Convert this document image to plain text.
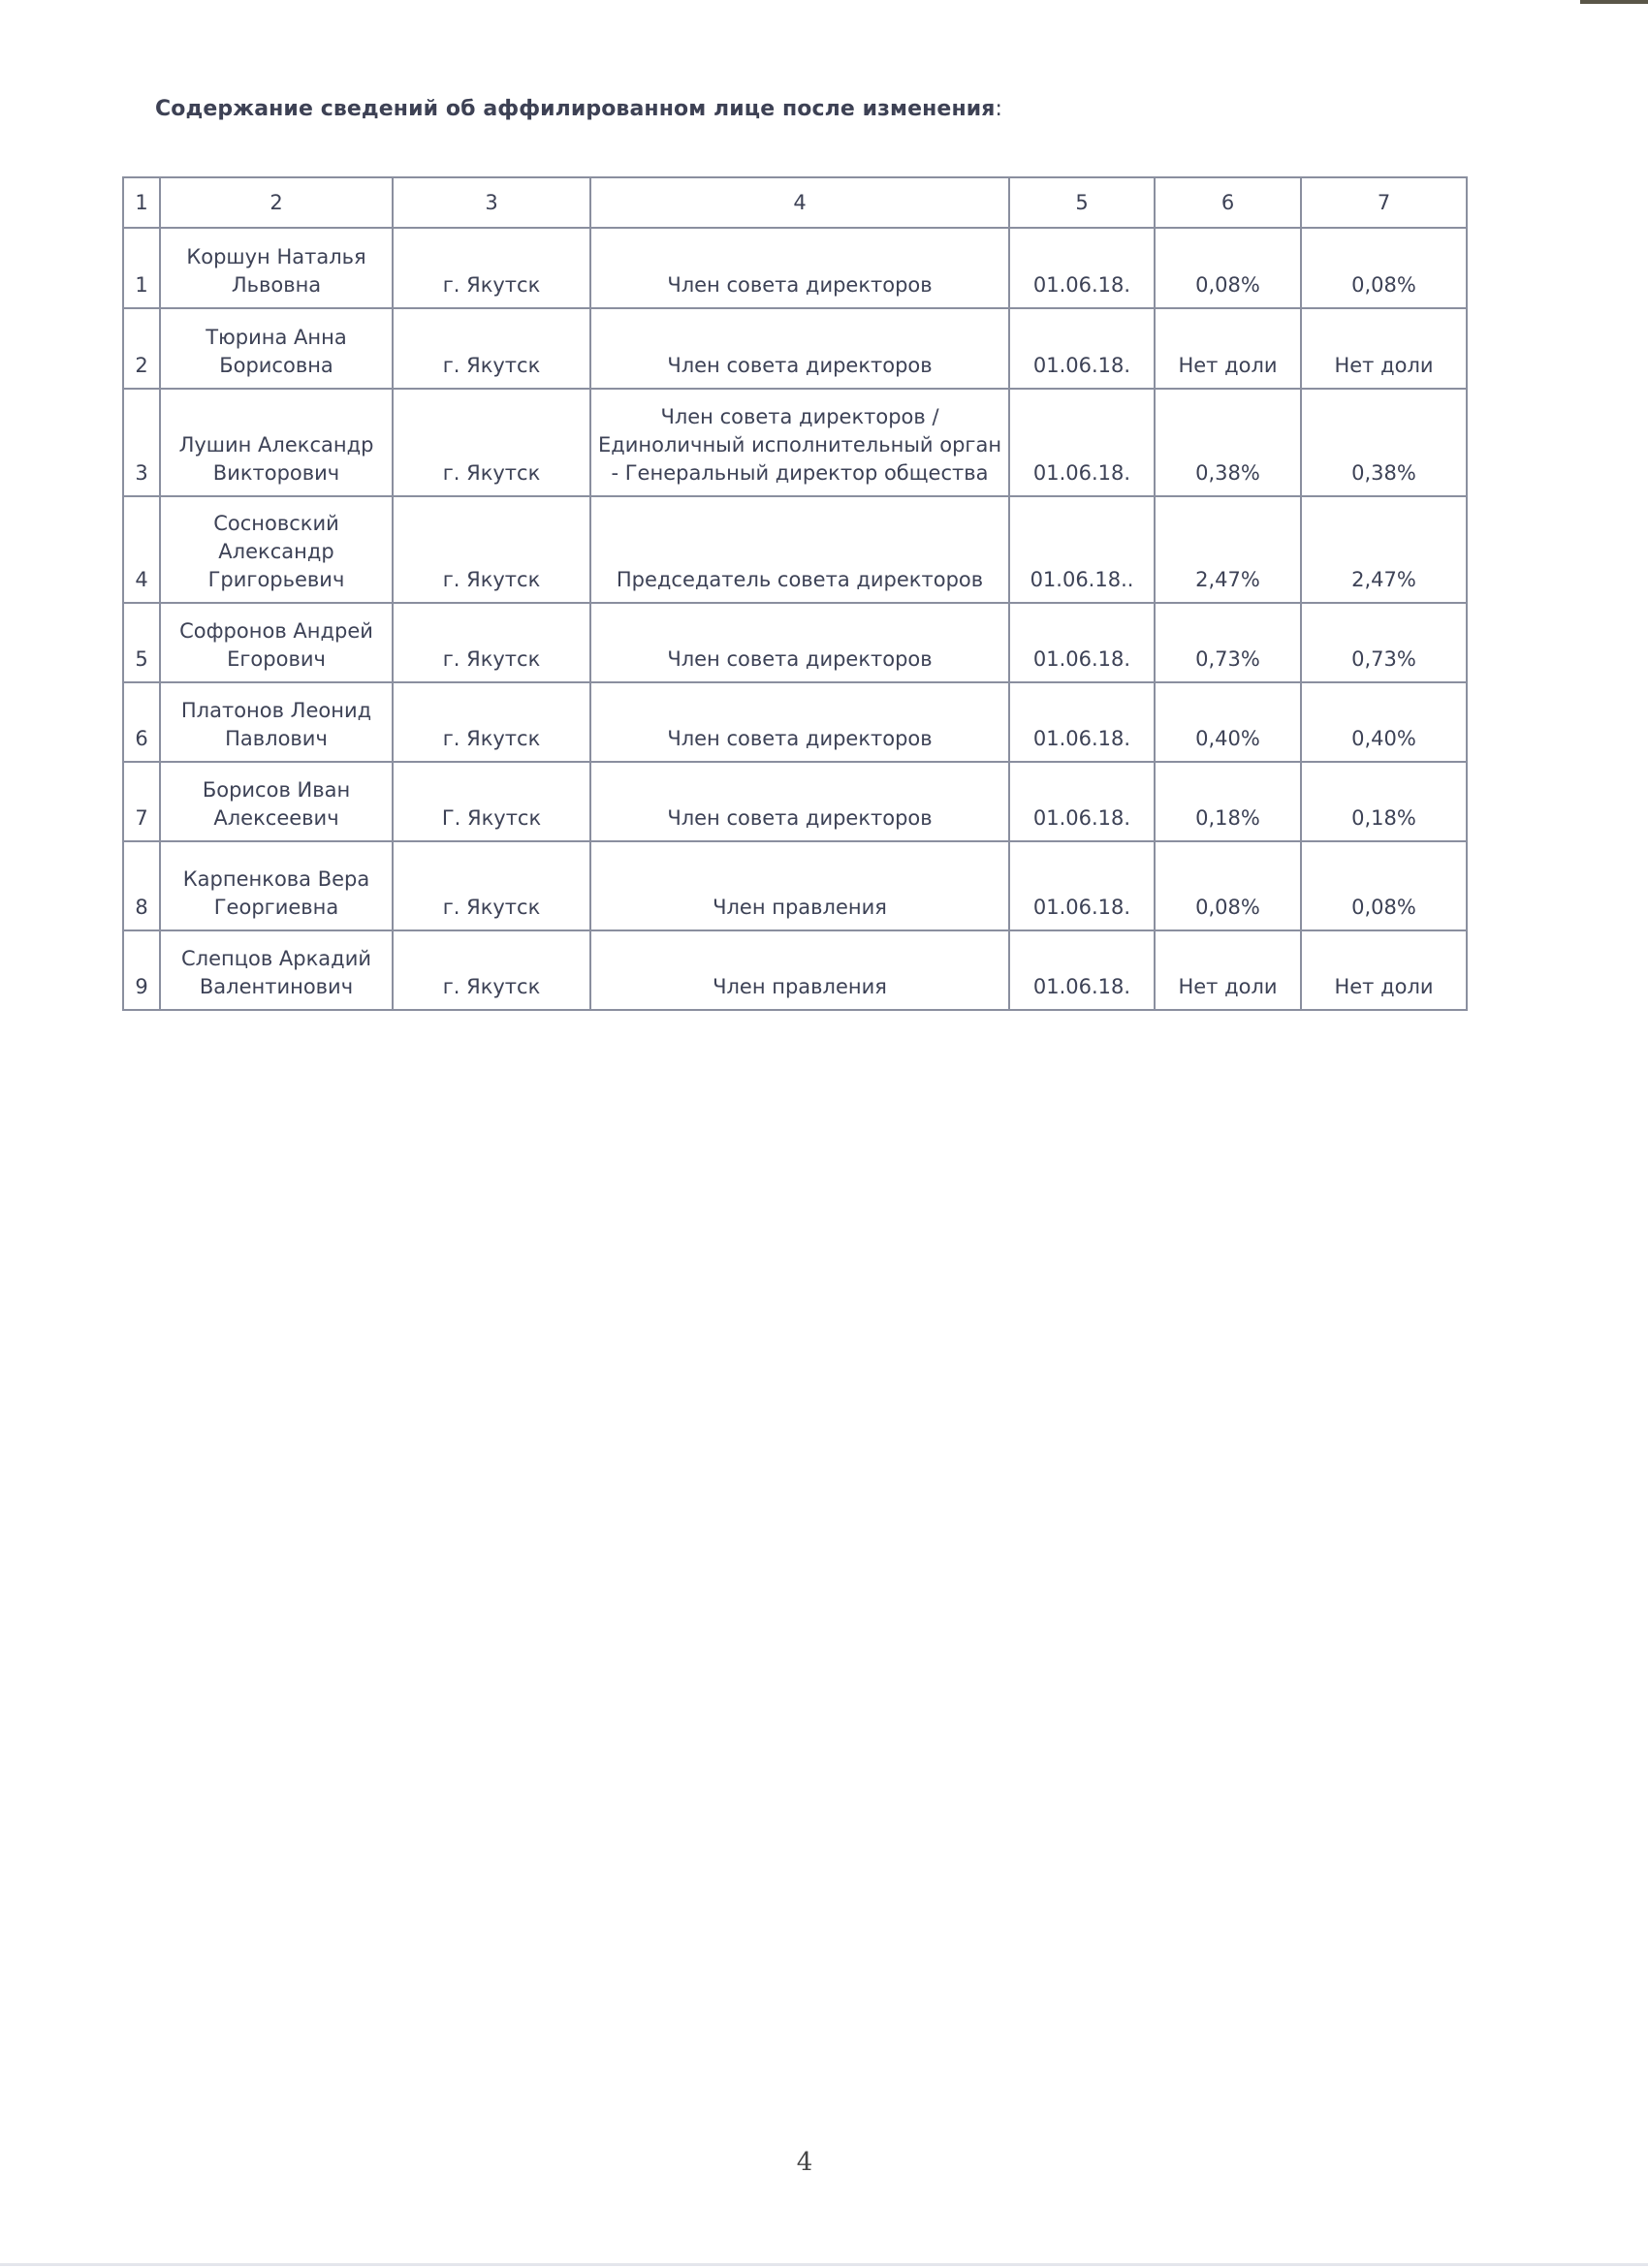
Содержание сведений об аффилированном лице после изменения:
1	2	3	4	5	6	7
1	Коршун Наталья Львовна	г. Якутск	Член совета директоров	01.06.18.	0,08%	0,08%
2	Тюрина Анна Борисовна	г. Якутск	Член совета директоров	01.06.18.	Нет доли	Нет доли
3	Лушин Александр Викторович	г. Якутск	Член совета директоров / Единоличный исполнительный орган - Генеральный директор общества	01.06.18.	0,38%	0,38%
4	Сосновский Александр Григорьевич	г. Якутск	Председатель совета директоров	01.06.18..	2,47%	2,47%
5	Софронов Андрей Егорович	г. Якутск	Член совета директоров	01.06.18.	0,73%	0,73%
6	Платонов Леонид Павлович	г. Якутск	Член совета директоров	01.06.18.	0,40%	0,40%
7	Борисов Иван Алексеевич	Г. Якутск	Член совета директоров	01.06.18.	0,18%	0,18%
8	Карпенкова Вера Георгиевна	г. Якутск	Член правления	01.06.18.	0,08%	0,08%
9	Слепцов Аркадий Валентинович	г. Якутск	Член правления	01.06.18.	Нет доли	Нет доли
4
